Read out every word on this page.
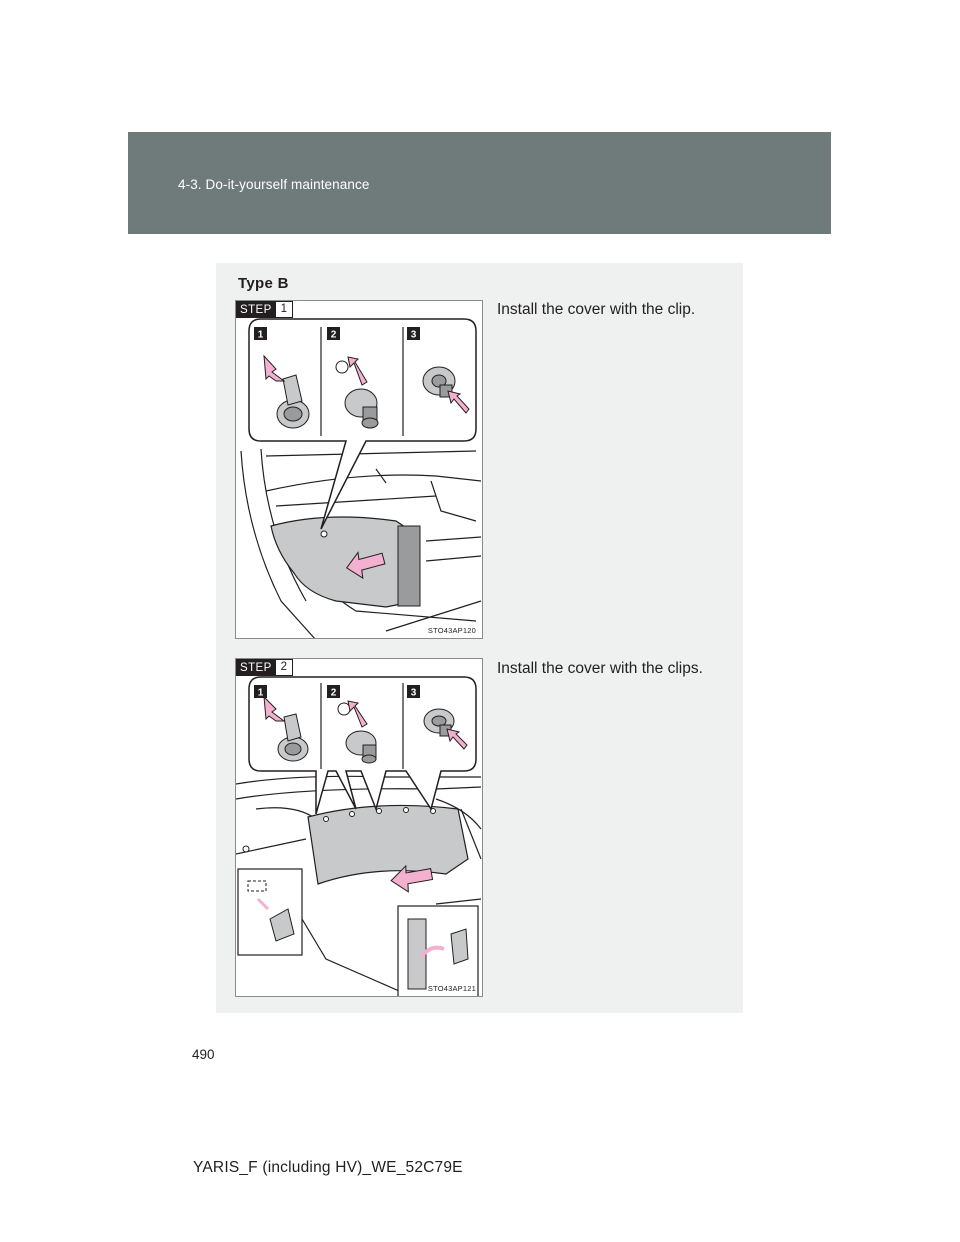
4-3. Do-it-yourself maintenance
Type B
1	2	3
STEP 1
STO43AP120
Install the cover with the clip.
1	2	3
STEP 2
STO43AP121
Install the cover with the clips.
490
YARIS_F (including HV)_WE_52C79E
